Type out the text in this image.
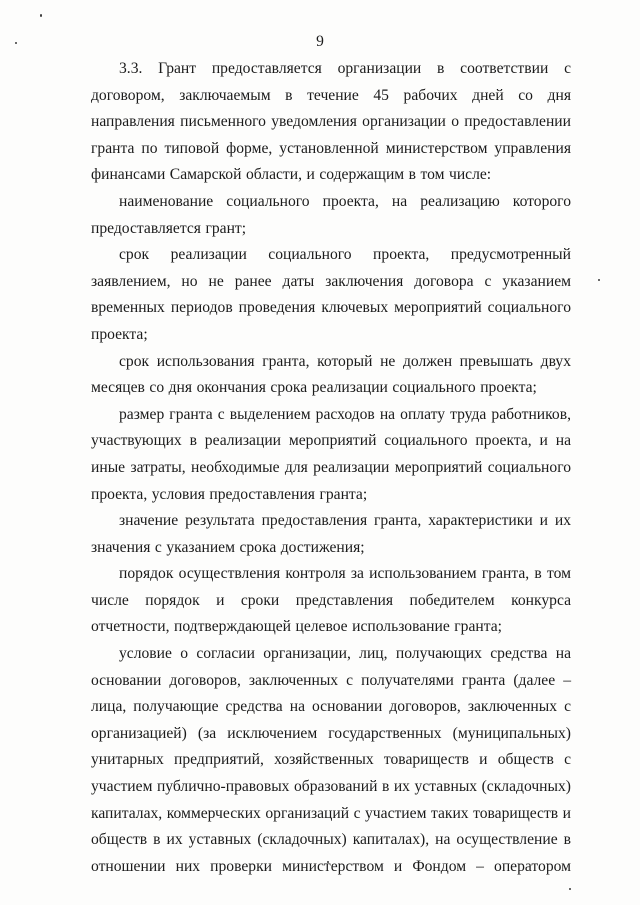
9

3.3. Грант предоставляется организации в соответствии с договором, заключаемым в течение 45 рабочих дней со дня направления письменного уведомления организации о предоставлении гранта по типовой форме, установленной министерством управления финансами Самарской области, и содержащим в том числе:

наименование социального проекта, на реализацию которого предоставляется грант;

срок реализации социального проекта, предусмотренный заявлением, но не ранее даты заключения договора с указанием временных периодов проведения ключевых мероприятий социального проекта;

срок использования гранта, который не должен превышать двух месяцев со дня окончания срока реализации социального проекта;

размер гранта с выделением расходов на оплату труда работников, участвующих в реализации мероприятий социального проекта, и на иные затраты, необходимые для реализации мероприятий социального проекта, условия предоставления гранта;

значение результата предоставления гранта, характеристики и их значения с указанием срока достижения;

порядок осуществления контроля за использованием гранта, в том числе порядок и сроки представления победителем конкурса отчетности, подтверждающей целевое использование гранта;

условие о согласии организации, лиц, получающих средства на основании договоров, заключенных с получателями гранта (далее – лица, получающие средства на основании договоров, заключенных с организацией) (за исключением государственных (муниципальных) унитарных предприятий, хозяйственных товариществ и обществ с участием публично-правовых образований в их уставных (складочных) капиталах, коммерческих организаций с участием таких товариществ и обществ в их уставных (складочных) капиталах), на осуществление в отношении них проверки министерством и Фондом – оператором
